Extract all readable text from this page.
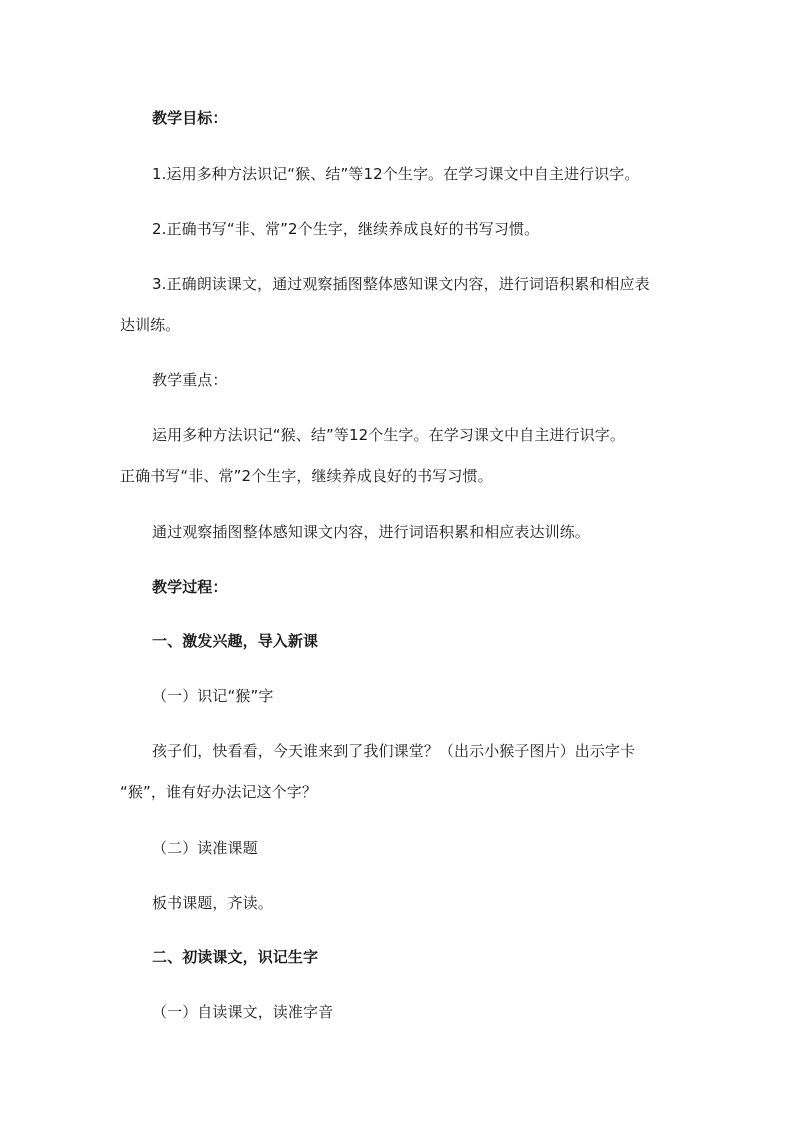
教学目标：
1.运用多种方法识记“猴、结”等12个生字。在学习课文中自主进行识字。
2.正确书写“非、常”2个生字，继续养成良好的书写习惯。
3.正确朗读课文，通过观察插图整体感知课文内容，进行词语积累和相应表
达训练。
教学重点：
运用多种方法识记“猴、结”等12个生字。在学习课文中自主进行识字。
正确书写“非、常”2个生字，继续养成良好的书写习惯。
通过观察插图整体感知课文内容，进行词语积累和相应表达训练。
教学过程：
一、激发兴趣，导入新课
（一）识记“猴”字
孩子们，快看看，今天谁来到了我们课堂？（出示小猴子图片）出示字卡
“猴”，谁有好办法记这个字？
（二）读准课题
板书课题，齐读。
二、初读课文，识记生字
（一）自读课文，读准字音
